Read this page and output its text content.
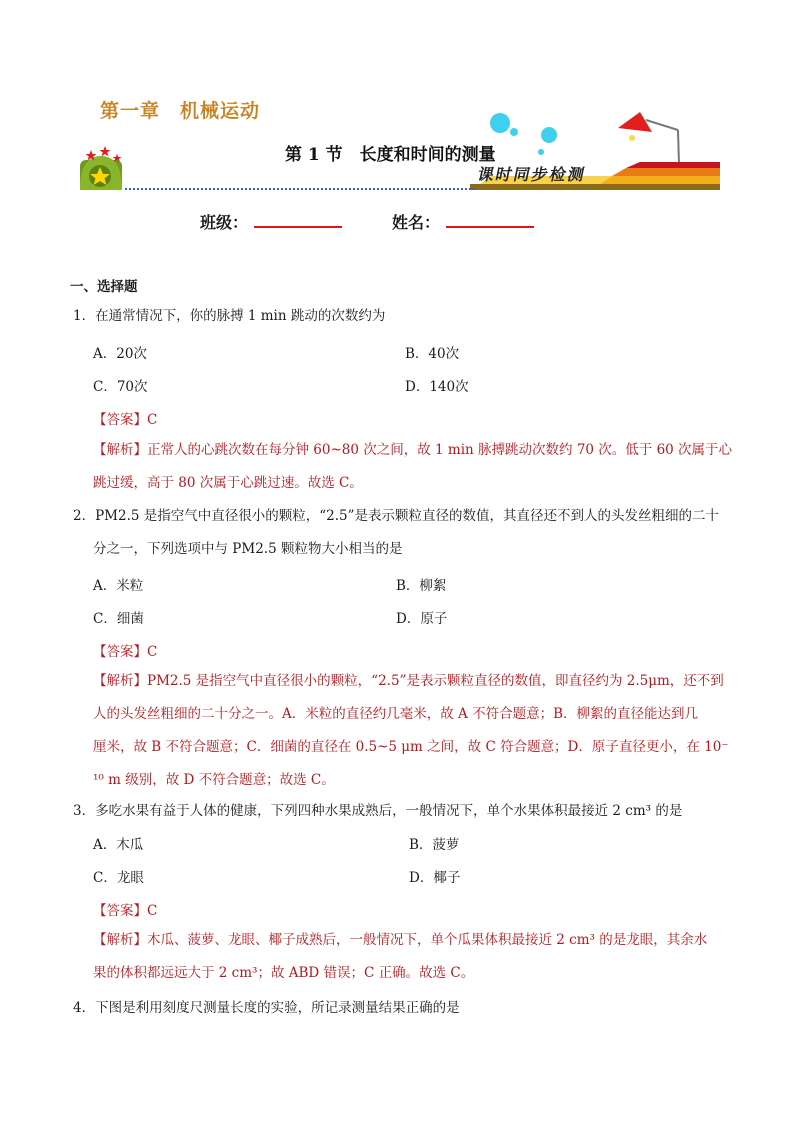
第一章　机械运动
第 1 节　长度和时间的测量
课时同步检测
班级：	姓名：
一、选择题
1．在通常情况下，你的脉搏 1 min 跳动的次数约为
A．20次	B．40次
C．70次	D．140次
【答案】C
【解析】正常人的心跳次数在每分钟 60~80 次之间，故 1 min 脉搏跳动次数约 70 次。低于 60 次属于心
跳过缓，高于 80 次属于心跳过速。故选 C。
2．PM2.5 是指空气中直径很小的颗粒，“2.5”是表示颗粒直径的数值，其直径还不到人的头发丝粗细的二十
分之一，下列选项中与 PM2.5 颗粒物大小相当的是
A．米粒	B．柳絮
C．细菌	D．原子
【答案】C
【解析】PM2.5 是指空气中直径很小的颗粒，“2.5”是表示颗粒直径的数值，即直径约为 2.5μm，还不到
人的头发丝粗细的二十分之一。A．米粒的直径约几毫米，故 A 不符合题意；B．柳絮的直径能达到几
厘米，故 B 不符合题意；C．细菌的直径在 0.5~5 μm 之间，故 C 符合题意；D．原子直径更小，在 10⁻
¹⁰ m 级别，故 D 不符合题意；故选 C。
3．多吃水果有益于人体的健康，下列四种水果成熟后，一般情况下，单个水果体积最接近 2 cm³ 的是
A．木瓜	B．菠萝
C．龙眼	D．椰子
【答案】C
【解析】木瓜、菠萝、龙眼、椰子成熟后，一般情况下，单个瓜果体积最接近 2 cm³ 的是龙眼，其余水
果的体积都远远大于 2 cm³；故 ABD 错误；C 正确。故选 C。
4．下图是利用刻度尺测量长度的实验，所记录测量结果正确的是
